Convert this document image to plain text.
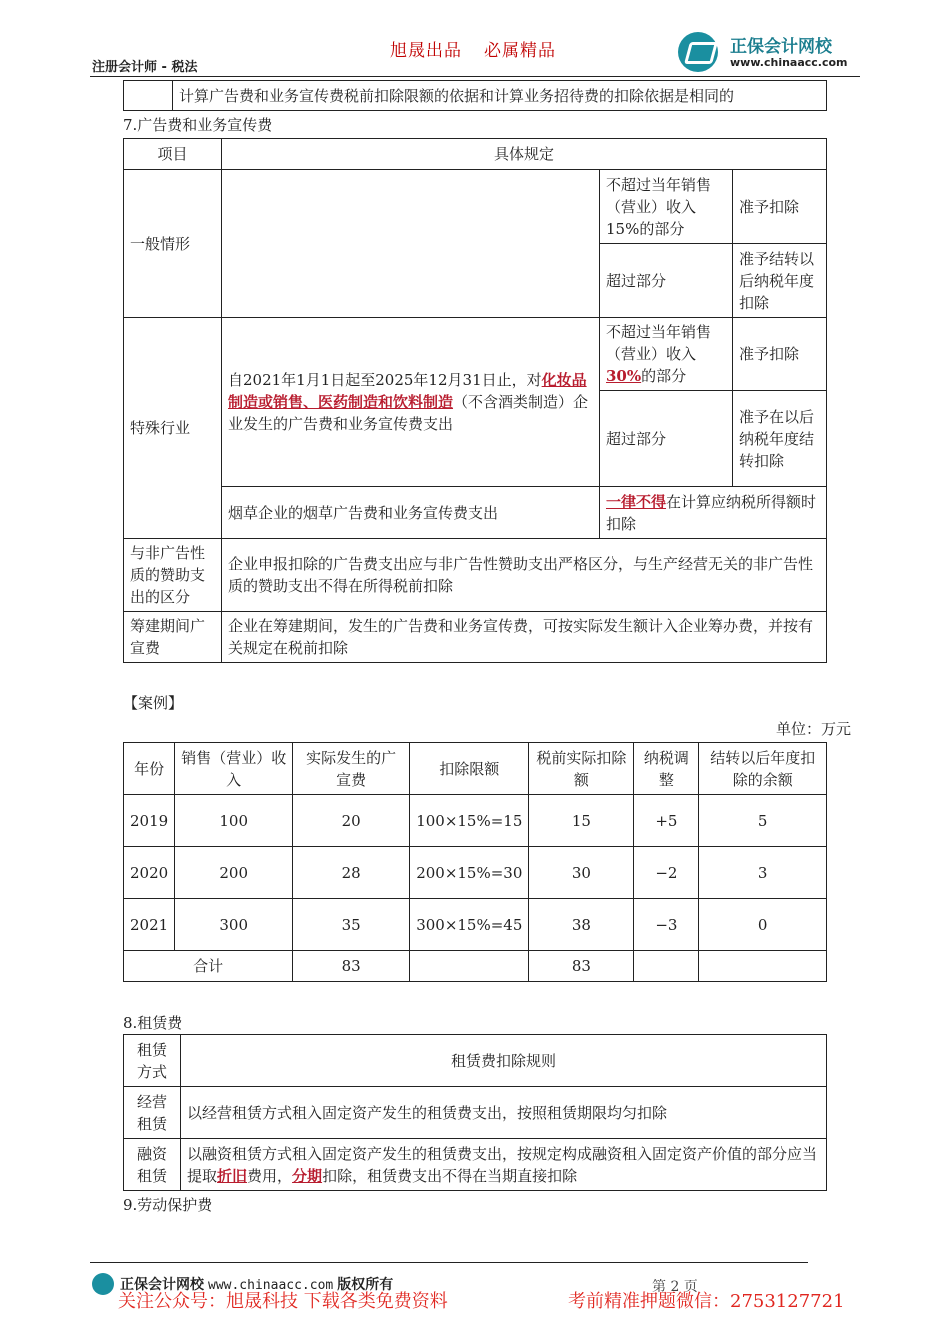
注册会计师 - 税法
旭晟出品 必属精品	正保会计网校
www.chinaacc.com
	计算广告费和业务宣传费税前扣除限额的依据和计算业务招待费的扣除依据是相同的
7.广告费和业务宣传费
项目	具体规定		
一般情形		不超过当年销售（营业）收入15%的部分	准予扣除
		超过部分	准予结转以后纳税年度扣除
特殊行业	自2021年1月1日起至2025年12月31日止，对化妆品制造或销售、医药制造和饮料制造（不含酒类制造）企业发生的广告费和业务宣传费支出	不超过当年销售（营业）收入30%的部分	准予扣除
		超过部分	准予在以后纳税年度结转扣除
	烟草企业的烟草广告费和业务宣传费支出	一律不得在计算应纳税所得额时扣除	
与非广告性质的赞助支出的区分	企业申报扣除的广告费支出应与非广告性赞助支出严格区分，与生产经营无关的非广告性质的赞助支出不得在所得税前扣除		
筹建期间广宣费	企业在筹建期间，发生的广告费和业务宣传费，可按实际发生额计入企业筹办费，并按有关规定在税前扣除		
【案例】
单位：万元
年份	销售（营业）收入	实际发生的广宣费	扣除限额	税前实际扣除额	纳税调整	结转以后年度扣除的余额
2019	100	20	100×15%=15	15	+5	5
2020	200	28	200×15%=30	30	−2	3
2021	300	35	300×15%=45	38	−3	0
合计		83		83		
8.租赁费
租赁方式	租赁费扣除规则
经营租赁	以经营租赁方式租入固定资产发生的租赁费支出，按照租赁期限均匀扣除
融资租赁	以融资租赁方式租入固定资产发生的租赁费支出，按规定构成融资租入固定资产价值的部分应当提取折旧费用，分期扣除，租赁费支出不得在当期直接扣除
9.劳动保护费
正保会计网校 www.chinaacc.com 版权所有	第 2 页
关注公众号：旭晟科技 下载各类免费资料	考前精准押题微信：2753127721
